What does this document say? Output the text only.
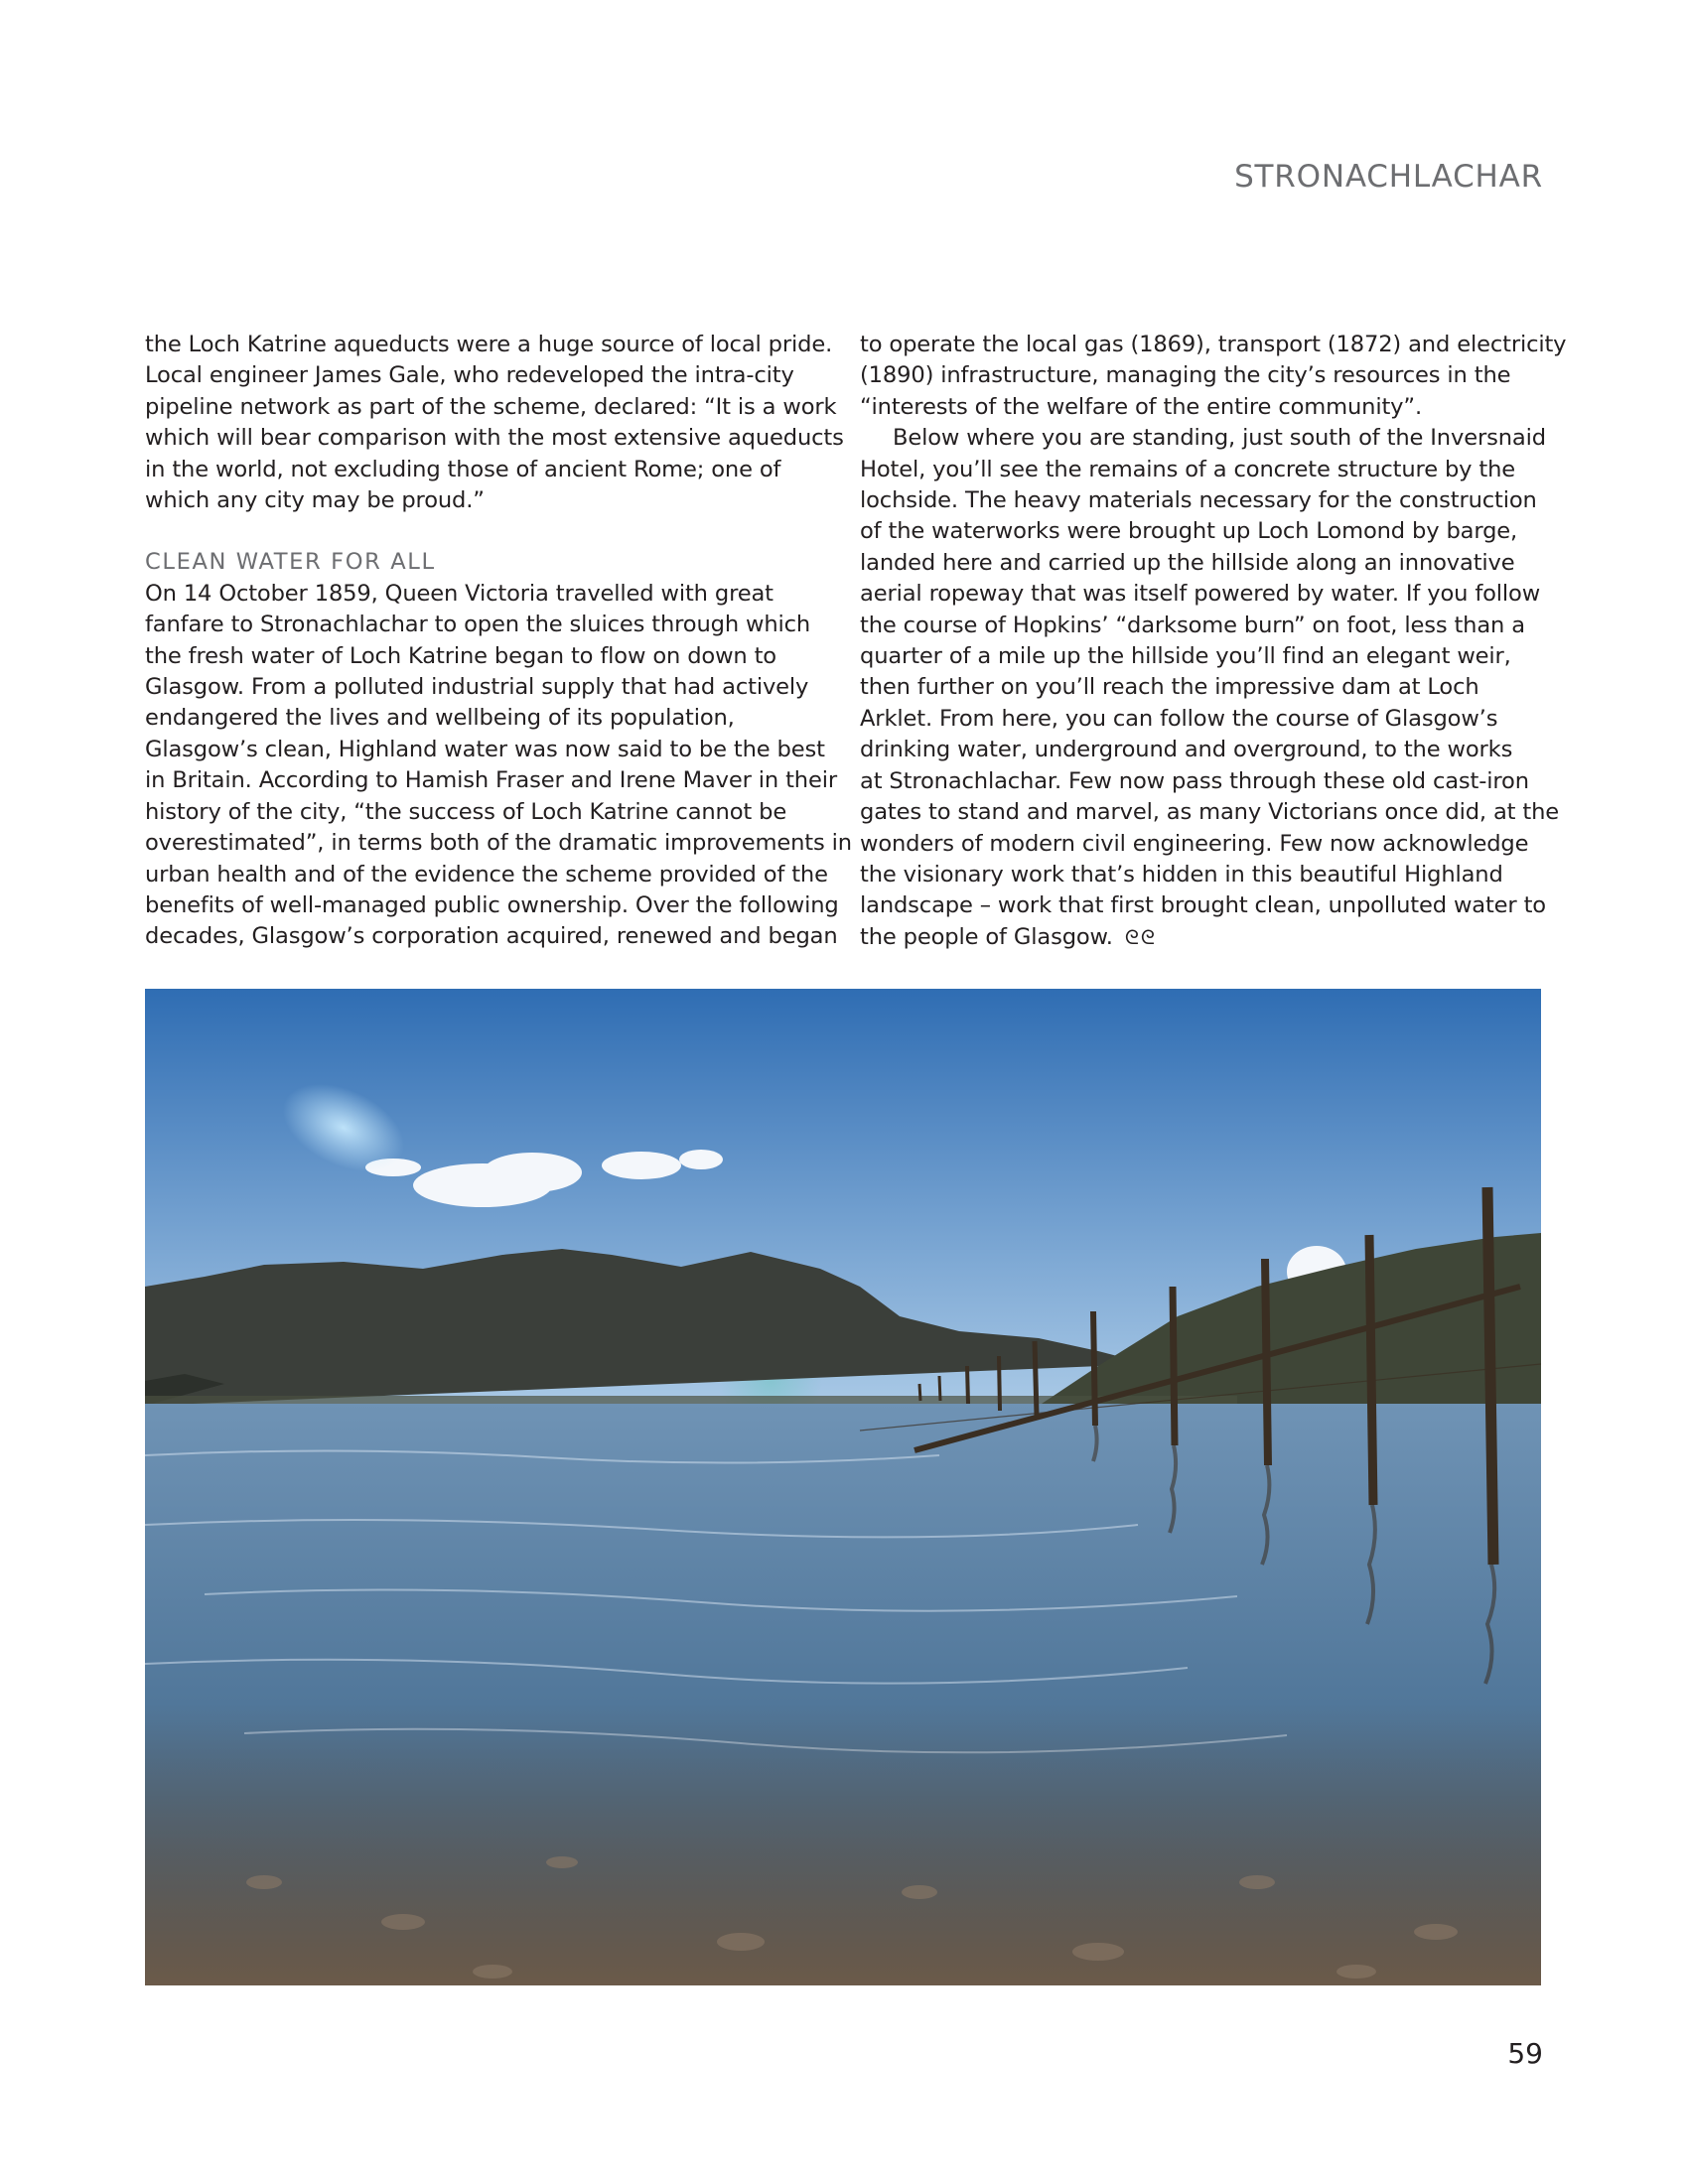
STRONACHLACHAR

the Loch Katrine aqueducts were a huge source of local pride.
Local engineer James Gale, who redeveloped the intra-city
pipeline network as part of the scheme, declared: “It is a work
which will bear comparison with the most extensive aqueducts
in the world, not excluding those of ancient Rome; one of
which any city may be proud.”

CLEAN WATER FOR ALL

On 14 October 1859, Queen Victoria travelled with great
fanfare to Stronachlachar to open the sluices through which
the fresh water of Loch Katrine began to flow on down to
Glasgow. From a polluted industrial supply that had actively
endangered the lives and wellbeing of its population,
Glasgow’s clean, Highland water was now said to be the best
in Britain. According to Hamish Fraser and Irene Maver in their
history of the city, “the success of Loch Katrine cannot be
overestimated”, in terms both of the dramatic improvements in
urban health and of the evidence the scheme provided of the
benefits of well-managed public ownership. Over the following
decades, Glasgow’s corporation acquired, renewed and began

to operate the local gas (1869), transport (1872) and electricity
(1890) infrastructure, managing the city’s resources in the
“interests of the welfare of the entire community”.

Below where you are standing, just south of the Inversnaid
Hotel, you’ll see the remains of a concrete structure by the
lochside. The heavy materials necessary for the construction
of the waterworks were brought up Loch Lomond by barge,
landed here and carried up the hillside along an innovative
aerial ropeway that was itself powered by water. If you follow
the course of Hopkins’ “darksome burn” on foot, less than a
quarter of a mile up the hillside you’ll find an elegant weir,
then further on you’ll reach the impressive dam at Loch
Arklet. From here, you can follow the course of Glasgow’s
drinking water, underground and overground, to the works
at Stronachlachar. Few now pass through these old cast-iron
gates to stand and marvel, as many Victorians once did, at the
wonders of modern civil engineering. Few now acknowledge
the visionary work that’s hidden in this beautiful Highland
landscape – work that first brought clean, unpolluted water to
the people of Glasgow. ᘓᘓ

59
